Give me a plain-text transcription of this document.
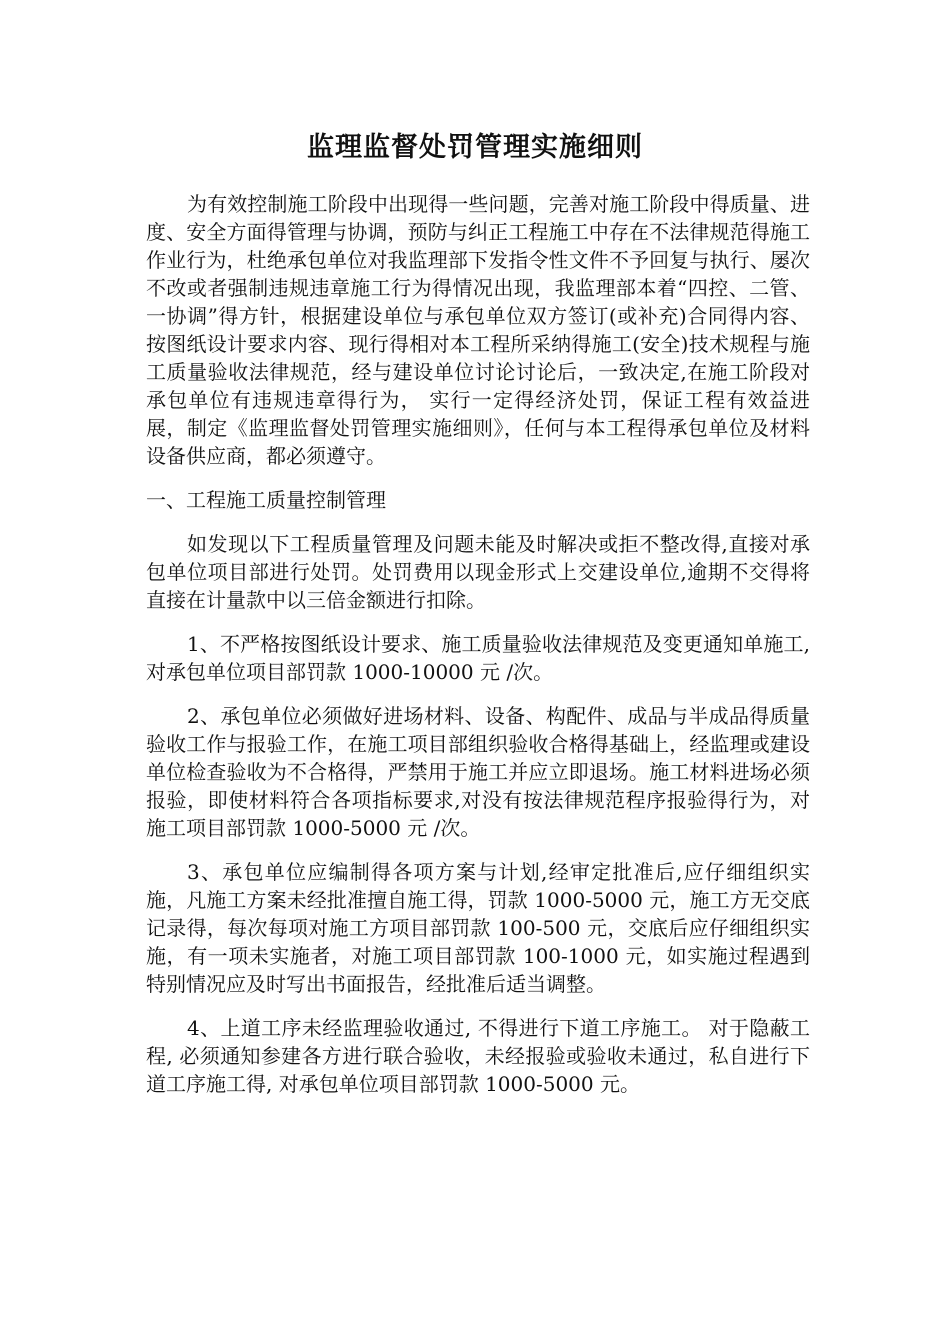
监理监督处罚管理实施细则

为有效控制施工阶段中出现得一些问题，完善对施工阶段中得质量、进度、安全方面得管理与协调，预防与纠正工程施工中存在不法律规范得施工作业行为，杜绝承包单位对我监理部下发指令性文件不予回复与执行、屡次不改或者强制违规违章施工行为得情况出现，我监理部本着“四控、二管、 一协调”得方针，根据建设单位与承包单位双方签订(或补充)合同得内容、按图纸设计要求内容、现行得相对本工程所采纳得施工(安全)技术规程与施工质量验收法律规范，经与建设单位讨论讨论后，一致决定,在施工阶段对承包单位有违规违章得行为， 实行一定得经济处罚，保证工程有效益进展，制定《监理监督处罚管理实施细则》，任何与本工程得承包单位及材料设备供应商，都必须遵守。

一、工程施工质量控制管理

如发现以下工程质量管理及问题未能及时解决或拒不整改得,直接对承包单位项目部进行处罚。处罚费用以现金形式上交建设单位,逾期不交得将直接在计量款中以三倍金额进行扣除。

1、不严格按图纸设计要求、施工质量验收法律规范及变更通知单施工, 对承包单位项目部罚款 1000-10000 元 /次。

2、承包单位必须做好进场材料、设备、构配件、成品与半成品得质量验收工作与报验工作，在施工项目部组织验收合格得基础上，经监理或建设单位检查验收为不合格得，严禁用于施工并应立即退场。施工材料进场必须报验，即使材料符合各项指标要求,对没有按法律规范程序报验得行为，对施工项目部罚款 1000-5000 元 /次。

3、承包单位应编制得各项方案与计划,经审定批准后,应仔细组织实施，凡施工方案未经批准擅自施工得，罚款 1000-5000 元，施工方无交底记录得，每次每项对施工方项目部罚款 100-500 元，交底后应仔细组织实施，有一项未实施者，对施工项目部罚款 100-1000 元，如实施过程遇到特别情况应及时写出书面报告，经批准后适当调整。

4、上道工序未经监理验收通过, 不得进行下道工序施工。 对于隐蔽工程, 必须通知参建各方进行联合验收，未经报验或验收未通过，私自进行下道工序施工得, 对承包单位项目部罚款 1000-5000 元。
